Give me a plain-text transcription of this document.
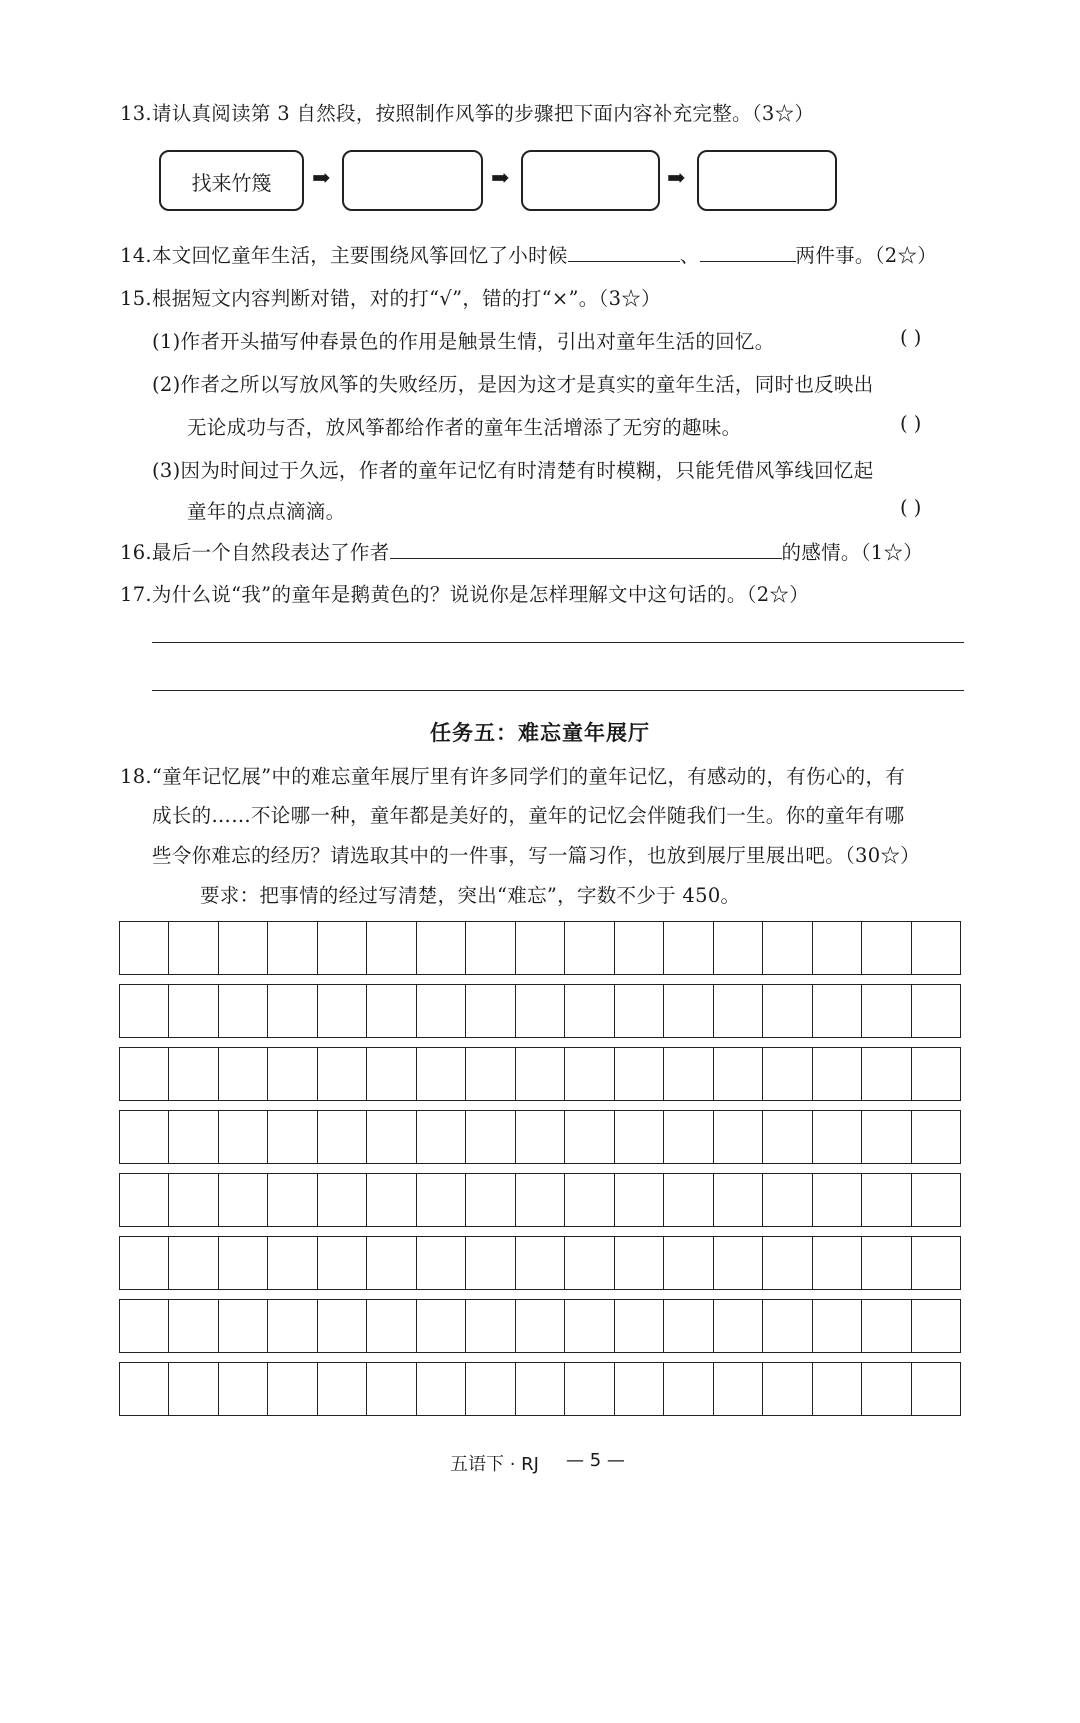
13.请认真阅读第 3 自然段，按照制作风筝的步骤把下面内容补充完整。（3☆）
找来竹篾	➡	➡	➡
14.本文回忆童年生活，主要围绕风筝回忆了小时候	、	两件事。（2☆）
15.根据短文内容判断对错，对的打“√”，错的打“×”。（3☆）
(1)作者开头描写仲春景色的作用是触景生情，引出对童年生活的回忆。	( )
(2)作者之所以写放风筝的失败经历，是因为这才是真实的童年生活，同时也反映出
无论成功与否，放风筝都给作者的童年生活增添了无穷的趣味。	( )
(3)因为时间过于久远，作者的童年记忆有时清楚有时模糊，只能凭借风筝线回忆起
童年的点点滴滴。	( )
16.最后一个自然段表达了作者	的感情。（1☆）
17.为什么说“我”的童年是鹅黄色的？说说你是怎样理解文中这句话的。（2☆）
任务五：难忘童年展厅
18.“童年记忆展”中的难忘童年展厅里有许多同学们的童年记忆，有感动的，有伤心的，有
成长的……不论哪一种，童年都是美好的，童年的记忆会伴随我们一生。你的童年有哪
些令你难忘的经历？请选取其中的一件事，写一篇习作，也放到展厅里展出吧。（30☆）
要求：把事情的经过写清楚，突出“难忘”，字数不少于 450。
五语下 · RJ — 5 —
